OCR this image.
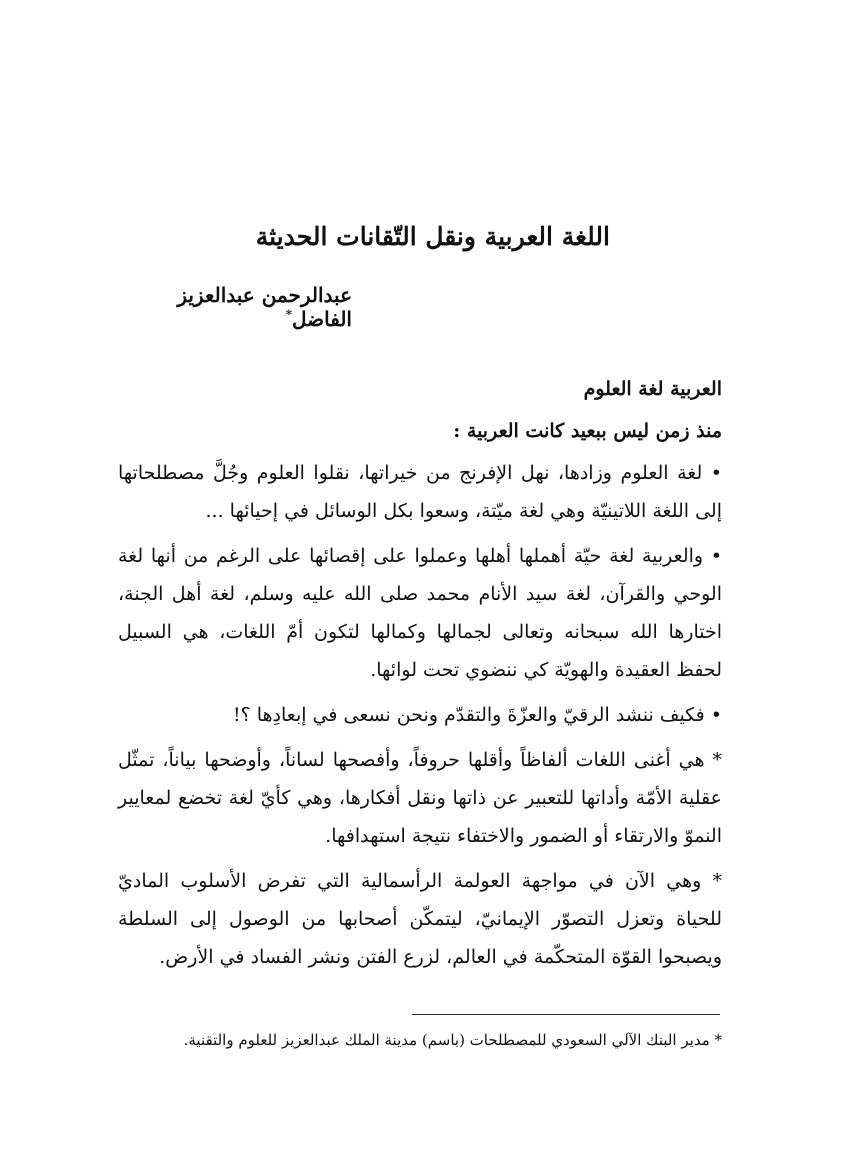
اللغة العربية ونقل التّقانات الحديثة
عبدالرحمن عبدالعزيز الفاضل*

العربية لغة العلوم

منذ زمن ليس ببعيد كانت العربية :

• لغة العلوم وزادها، نهل الإفرنج من خيراتها، نقلوا العلوم وجُلَّ مصطلحاتها إلى اللغة اللاتينيّة وهي لغة ميّتة، وسعوا بكل الوسائل في إحيائها ...

• والعربية لغة حيّة أهملها أهلها وعملوا على إقصائها على الرغم من أنها لغة الوحي والقرآن، لغة سيد الأنام محمد صلى الله عليه وسلم، لغة أهل الجنة، اختارها الله سبحانه وتعالى لجمالها وكمالها لتكون أمّ اللغات، هي السبيل لحفظ العقيدة والهويّة كي ننضوي تحت لوائها.

• فكيف ننشد الرقيّ والعزّةَ والتقدّم ونحن نسعى في إبعادِها ؟!

* هي أغنى اللغات ألفاظاً وأقلها حروفاً، وأفصحها لساناً، وأوضحها بياناً، تمثّل عقلية الأمّة وأداتها للتعبير عن ذاتها ونقل أفكارها، وهي كأيّ لغة تخضع لمعايير النموّ والارتقاء أو الضمور والاختفاء نتيجة استهدافها.

* وهي الآن في مواجهة العولمة الرأسمالية التي تفرض الأسلوب الماديّ للحياة وتعزل التصوّر الإيمانيّ، ليتمكّن أصحابها من الوصول إلى السلطة ويصبحوا القوّة المتحكّمة في العالم، لزرع الفتن ونشر الفساد في الأرض.

* مدير البنك الآلي السعودي للمصطلحات (باسم) مدينة الملك عبدالعزيز للعلوم والتقنية.
